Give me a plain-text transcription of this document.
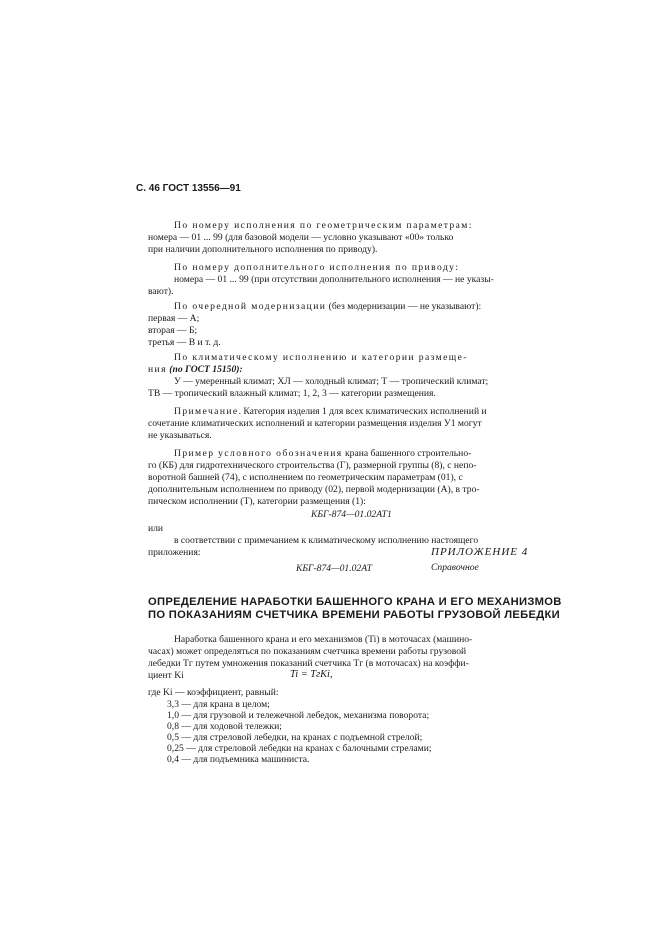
С. 46 ГОСТ 13556—91
По номеру исполнения по геометрическим параметрам:
номера — 01 ... 99 (для базовой модели — условно указывают «00» только
при наличии дополнительного исполнения по приводу).
По номеру дополнительного исполнения по приводу:
номера — 01 ... 99 (при отсутствии дополнительного исполнения — не указы-
вают).
По очередной модернизации (без модернизации — не указывают):
первая — А;
вторая — Б;
третья — В и т. д.
По климатическому исполнению и категории размеще-
ния (по ГОСТ 15150):
У — умеренный климат; ХЛ — холодный климат; Т — тропический климат;
ТВ — тропический влажный климат; 1, 2, 3 — категории размещения.
Примечание. Категория изделия 1 для всех климатических исполнений и
сочетание климатических исполнений и категории размещения изделия У1 могут
не указываться.
Пример условного обозначения крана башенного строительно-
го (КБ) для гидротехнического строительства (Г), размерной группы (8), с непо-
воротной башней (74), с исполнением по геометрическим параметрам (01), с
дополнительным исполнением по приводу (02), первой модернизации (А), в тро-
пическом исполнении (Т), категории размещения (1):
КБГ-874—01.02АТ1
или
в соответствии с примечанием к климатическому исполнению настоящего
приложения:
КБГ-874—01.02АТ
ПРИЛОЖЕНИЕ 4
Справочное
ОПРЕДЕЛЕНИЕ НАРАБОТКИ БАШЕННОГО КРАНА И ЕГО МЕХАНИЗМОВ
ПО ПОКАЗАНИЯМ СЧЕТЧИКА ВРЕМЕНИ РАБОТЫ ГРУЗОВОЙ ЛЕБЕДКИ
Наработка башенного крана и его механизмов (Ti) в моточасах (машино-
часах) может определяться по показаниям счетчика времени работы грузовой
лебедки Тг путем умножения показаний счетчика Тг (в моточасах) на коэффи-
циент Ki	Ti = ТгKi,
где Ki — коэффициент, равный:
3,3 — для крана в целом;
1,0 — для грузовой и тележечной лебедок, механизма поворота;
0,8 — для ходовой тележки;
0,5 — для стреловой лебедки, на кранах с подъемной стрелой;
0,25 — для стреловой лебедки на кранах с балочными стрелами;
0,4 — для подъемника машиниста.
